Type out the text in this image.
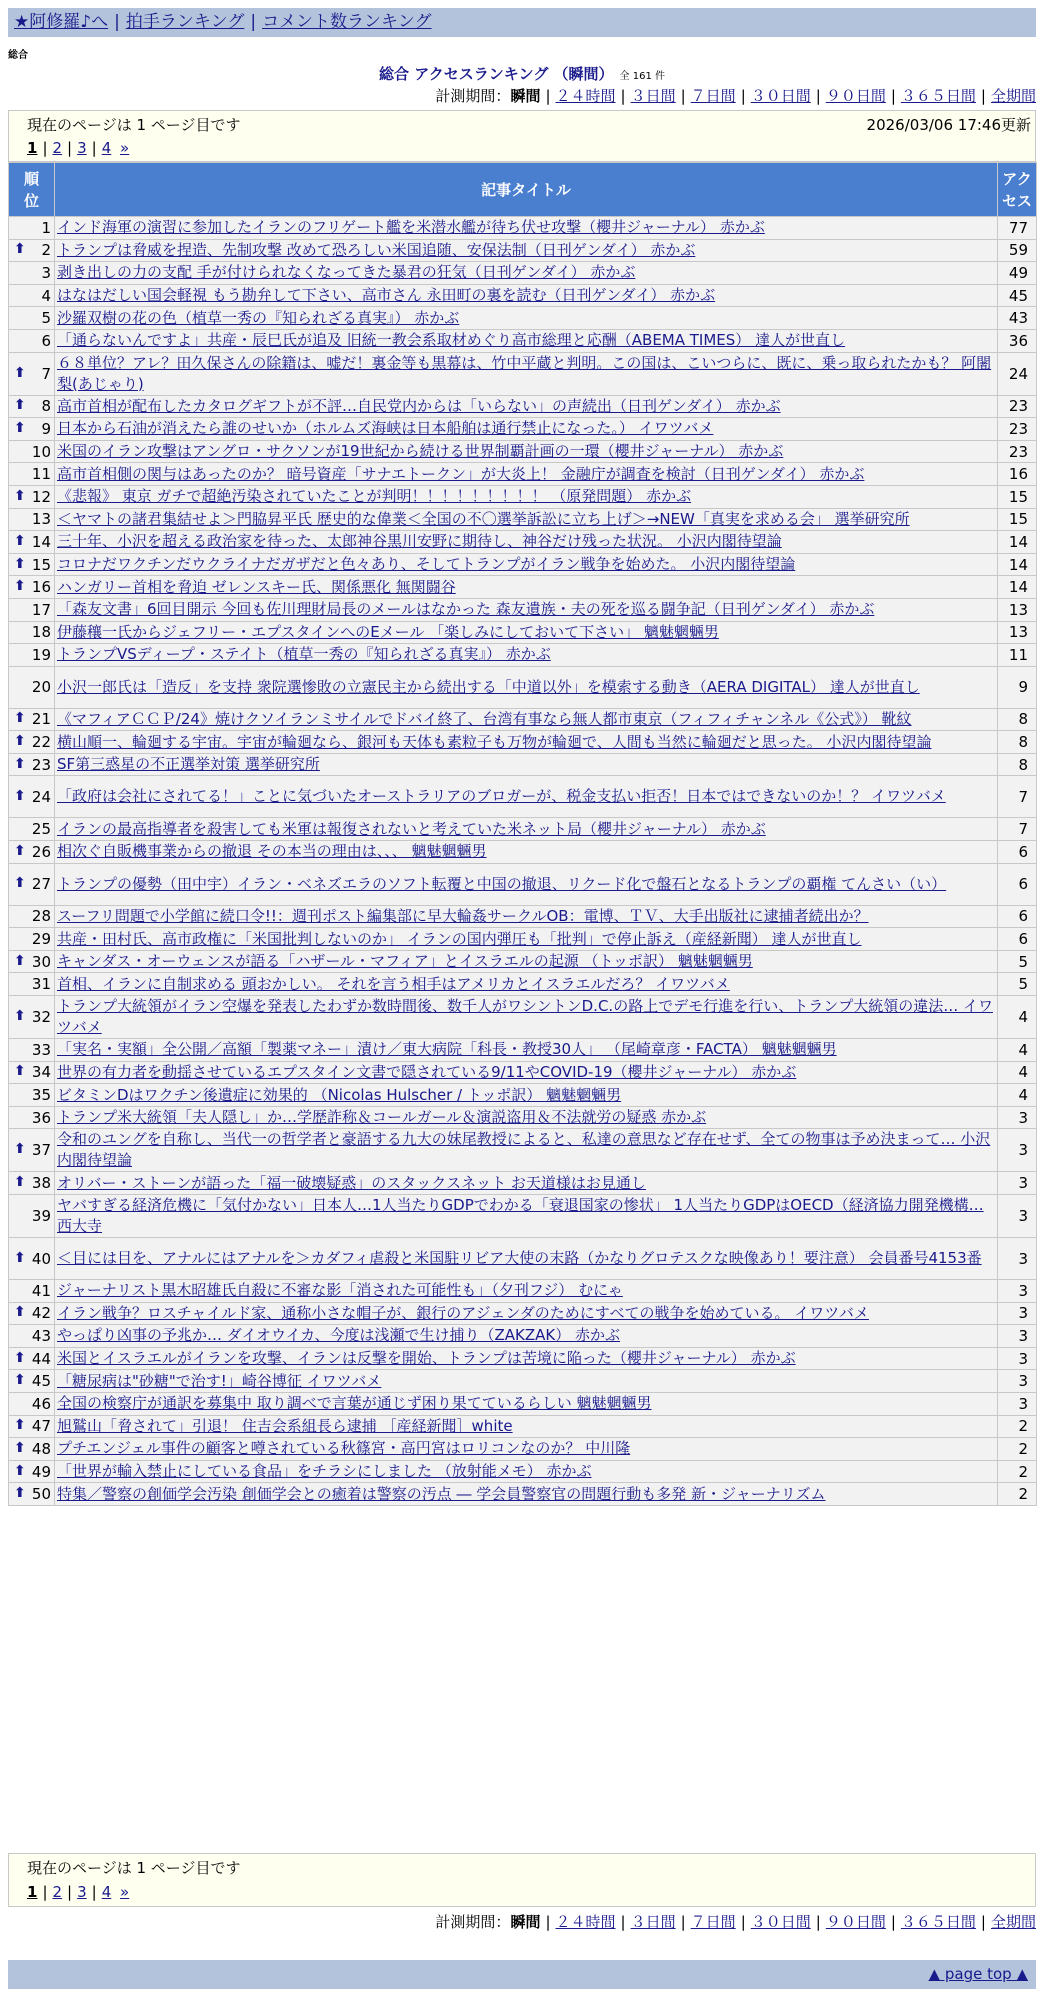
★阿修羅♪へ | 拍手ランキング | コメント数ランキング
総合
総合 アクセスランキング （瞬間） 全 161 件
計測期間：瞬間 | ２４時間 | ３日間 | ７日間 | ３０日間 | ９０日間 | ３６５日間 | 全期間
現在のページは 1 ページ目です	2026/03/06 17:46更新
1 | 2 | 3 | 4 »
順位	記事タイトル	アクセス
1	インド海軍の演習に参加したイランのフリゲート艦を米潜水艦が待ち伏せ攻撃（櫻井ジャーナル） 赤かぶ	77

⬆ 2	トランプは脅威を捏造、先制攻撃 改めて恐ろしい米国追随、安保法制（日刊ゲンダイ） 赤かぶ	59
3	剥き出しの力の支配 手が付けられなくなってきた暴君の狂気（日刊ゲンダイ） 赤かぶ	49
4	はなはだしい国会軽視 もう勘弁して下さい、高市さん 永田町の裏を読む（日刊ゲンダイ） 赤かぶ	45
5	沙羅双樹の花の色（植草一秀の『知られざる真実』） 赤かぶ	43
6	「通らないんですよ」共産・辰巳氏が追及 旧統一教会系取材めぐり高市総理と応酬（ABEMA TIMES） 達人が世直し	36

⬆ 7	６８単位？アレ？田久保さんの除籍は、嘘だ！裏金等も黒幕は、竹中平蔵と判明。この国は、こいつらに、既に、乗っ取られたかも？ 阿闍梨(あじゃり)	24

⬆ 8	高市首相が配布したカタログギフトが不評…自民党内からは「いらない」の声続出（日刊ゲンダイ） 赤かぶ	23

⬆ 9	日本から石油が消えたら誰のせいか（ホルムズ海峡は日本船舶は通行禁止になった。） イワツバメ	23
10	米国のイラン攻撃はアングロ・サクソンが19世紀から続ける世界制覇計画の一環（櫻井ジャーナル） 赤かぶ	23
11	高市首相側の関与はあったのか？ 暗号資産「サナエトークン」が大炎上！ 金融庁が調査を検討（日刊ゲンダイ） 赤かぶ	16

⬆ 12	《悲報》 東京 ガチで超絶汚染されていたことが判明！！！！！！！！！ （原発問題） 赤かぶ	15
13	＜ヤマトの諸君集結せよ＞門脇昇平氏 歴史的な偉業＜全国の不〇選挙訴訟に立ち上げ＞→NEW「真実を求める会」 選挙研究所	15

⬆ 14	三十年、小沢を超える政治家を待った、太郎神谷黒川安野に期待し、神谷だけ残った状況。 小沢内閣待望論	14

⬆ 15	コロナだワクチンだウクライナだガザだと色々あり、そしてトランプがイラン戦争を始めた。 小沢内閣待望論	14

⬆ 16	ハンガリー首相を脅迫 ゼレンスキー氏、関係悪化 無関闘谷	14
17	「森友文書」6回目開示 今回も佐川理財局長のメールはなかった 森友遺族・夫の死を巡る闘争記（日刊ゲンダイ） 赤かぶ	13
18	伊藤穰一氏からジェフリー・エプスタインへのEメール 「楽しみにしておいて下さい」 魑魅魍魎男	13
19	トランプVSディープ・ステイト（植草一秀の『知られざる真実』） 赤かぶ	11
20	小沢一郎氏は「造反」を支持 衆院選惨敗の立憲民主から続出する「中道以外」を模索する動き（AERA DIGITAL） 達人が世直し	9

⬆ 21	《マフィアＣＣＰ/24》焼けクソイランミサイルでドバイ終了、台湾有事なら無人都市東京（フィフィチャンネル《公式》） 靴紋	8

⬆ 22	横山順一、輪廻する宇宙。宇宙が輪廻なら、銀河も天体も素粒子も万物が輪廻で、人間も当然に輪廻だと思った。 小沢内閣待望論	8

⬆ 23	SF第三惑星の不正選挙対策 選挙研究所	8

⬆ 24	「政府は会社にされてる！」ことに気づいたオーストラリアのブロガーが、税金支払い拒否！日本ではできないのか！？ イワツバメ	7
25	イランの最高指導者を殺害しても米軍は報復されないと考えていた米ネット局（櫻井ジャーナル） 赤かぶ	7

⬆ 26	相次ぐ自販機事業からの撤退 その本当の理由は、、、 魑魅魍魎男	6

⬆ 27	トランプの優勢（田中宇）イラン・ベネズエラのソフト転覆と中国の撤退、リクード化で盤石となるトランプの覇権 てんさい（い）	6
28	スーフリ問題で小学館に続口令!!：週刊ポスト編集部に早大輪姦サークルOB：電博、ＴＶ、大手出版社に逮捕者続出か？	6
29	共産・田村氏、高市政権に「米国批判しないのか」 イランの国内弾圧も「批判」で停止訴え（産経新聞） 達人が世直し	6

⬆ 30	キャンダス・オーウェンスが語る「ハザール・マフィア」とイスラエルの起源 （トッポ訳） 魑魅魍魎男	5
31	首相、イランに自制求める 頭おかしい。 それを言う相手はアメリカとイスラエルだろ？ イワツバメ	5

⬆ 32	トランプ大統領がイラン空爆を発表したわずか数時間後、数千人がワシントンD.C.の路上でデモ行進を行い、トランプ大統領の違法… イワツバメ	4
33	「実名・実額」全公開／高額「製薬マネー」漬け／東大病院「科長・教授30人」 （尾崎章彦・FACTA） 魑魅魍魎男	4

⬆ 34	世界の有力者を動揺させているエプスタイン文書で隠されている9/11やCOVID-19（櫻井ジャーナル） 赤かぶ	4
35	ビタミンDはワクチン後遺症に効果的 （Nicolas Hulscher / トッポ訳） 魑魅魍魎男	4
36	トランプ米大統領「夫人隠し」か…学歴詐称＆コールガール＆演説盗用＆不法就労の疑惑 赤かぶ	3

⬆ 37	令和のユングを自称し、当代一の哲学者と豪語する九大の妹尾教授によると、私達の意思など存在せず、全ての物事は予め決まって… 小沢内閣待望論	3

⬆ 38	オリバー・ストーンが語った「福一破壊疑惑」のスタックスネット お天道様はお見通し	3
39	ヤバすぎる経済危機に「気付かない」日本人…1人当たりGDPでわかる「衰退国家の惨状」 1人当たりGDPはOECD（経済協力開発機構… 西大寺	3

⬆ 40	＜目には目を、アナルにはアナルを＞カダフィ虐殺と米国駐リビア大使の末路（かなりグロテスクな映像あり！要注意） 会員番号4153番	3
41	ジャーナリスト黒木昭雄氏自殺に不審な影「消された可能性も」（夕刊フジ） むにゃ	3

⬆ 42	イラン戦争？ロスチャイルド家、通称小さな帽子が、銀行のアジェンダのためにすべての戦争を始めている。 イワツバメ	3
43	やっぱり凶事の予兆か… ダイオウイカ、今度は浅瀬で生け捕り（ZAKZAK） 赤かぶ	3

⬆ 44	米国とイスラエルがイランを攻撃、イランは反撃を開始、トランプは苦境に陥った（櫻井ジャーナル） 赤かぶ	3

⬆ 45	「糖尿病は"砂糖"で治す!」崎谷博征 イワツバメ	3
46	全国の検察庁が通訳を募集中 取り調べで言葉が通じず困り果てているらしい 魑魅魍魎男	3

⬆ 47	旭鷲山「脅されて」引退！ 住吉会系組長ら逮捕 ［産経新聞］white	2

⬆ 48	プチエンジェル事件の顧客と噂されている秋篠宮・高円宮はロリコンなのか？ 中川隆	2

⬆ 49	「世界が輸入禁止にしている食品」をチラシにしました （放射能メモ） 赤かぶ	2

⬆ 50	特集／警察の創価学会汚染 創価学会との癒着は警察の汚点 ― 学会員警察官の問題行動も多発 新・ジャーナリズム	2
現在のページは 1 ページ目です
1 | 2 | 3 | 4 »
計測期間：瞬間 | ２４時間 | ３日間 | ７日間 | ３０日間 | ９０日間 | ３６５日間 | 全期間
▲ page top ▲
